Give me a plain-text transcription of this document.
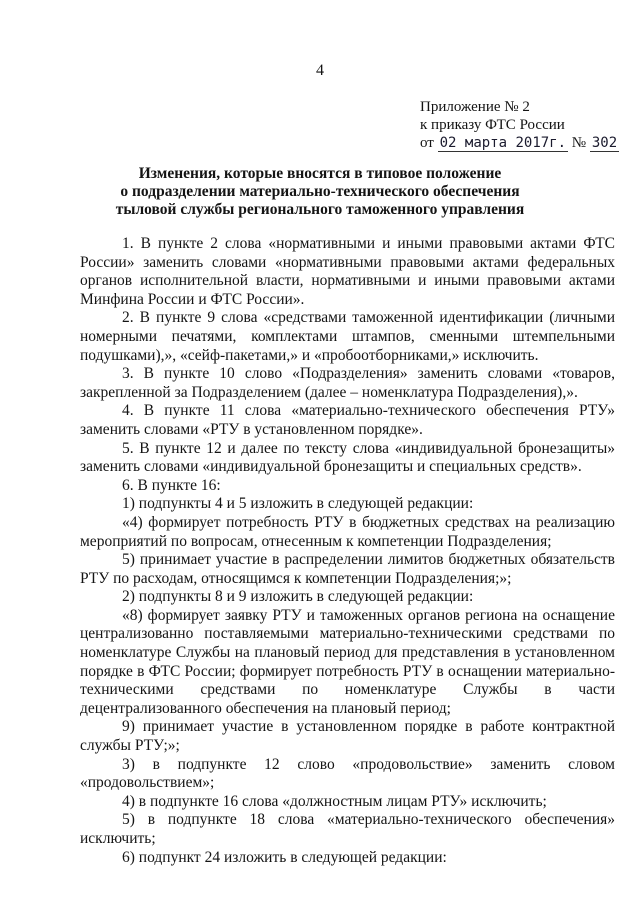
4
Приложение № 2
к приказу ФТС России
от 02 марта 2017г. № 302
Изменения, которые вносятся в типовое положение
о подразделении материально-технического обеспечения
тыловой службы регионального таможенного управления

1. В пункте 2 слова «нормативными и иными правовыми актами ФТС России» заменить словами «нормативными правовыми актами федеральных органов исполнительной власти, нормативными и иными правовыми актами Минфина России и ФТС России».

2. В пункте 9 слова «средствами таможенной идентификации (личными номерными печатями, комплектами штампов, сменными штемпельными подушками),», «сейф-пакетами,» и «пробоотборниками,» исключить.

3. В пункте 10 слово «Подразделения» заменить словами «товаров, закрепленной за Подразделением (далее – номенклатура Подразделения),».

4. В пункте 11 слова «материально-технического обеспечения РТУ» заменить словами «РТУ в установленном порядке».

5. В пункте 12 и далее по тексту слова «индивидуальной бронезащиты» заменить словами «индивидуальной бронезащиты и специальных средств».

6. В пункте 16:

1) подпункты 4 и 5 изложить в следующей редакции:

«4) формирует потребность РТУ в бюджетных средствах на реализацию мероприятий по вопросам, отнесенным к компетенции Подразделения;

5) принимает участие в распределении лимитов бюджетных обязательств РТУ по расходам, относящимся к компетенции Подразделения;»;

2) подпункты 8 и 9 изложить в следующей редакции:

«8) формирует заявку РТУ и таможенных органов региона на оснащение централизованно поставляемыми материально-техническими средствами по номенклатуре Службы на плановый период для представления в установленном порядке в ФТС России; формирует потребность РТУ в оснащении материально-техническими средствами по номенклатуре Службы в части децентрализованного обеспечения на плановый период;

9) принимает участие в установленном порядке в работе контрактной службы РТУ;»;

3) в подпункте 12 слово «продовольствие» заменить словом «продовольствием»;

4) в подпункте 16 слова «должностным лицам РТУ» исключить;

5) в подпункте 18 слова «материально-технического обеспечения» исключить;

6) подпункт 24 изложить в следующей редакции:
